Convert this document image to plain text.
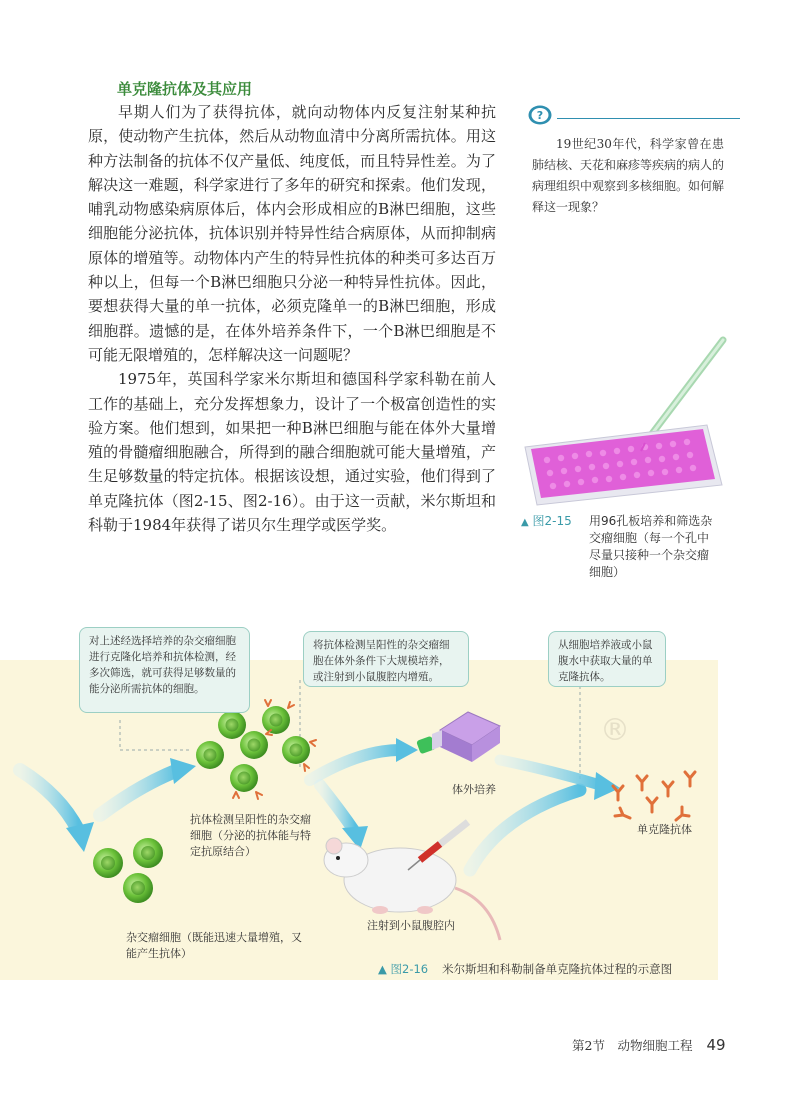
单克隆抗体及其应用

早期人们为了获得抗体，就向动物体内反复注射某种抗原，使动物产生抗体，然后从动物血清中分离所需抗体。用这种方法制备的抗体不仅产量低、纯度低，而且特异性差。为了解决这一难题，科学家进行了多年的研究和探索。他们发现，哺乳动物感染病原体后，体内会形成相应的B淋巴细胞，这些细胞能分泌抗体，抗体识别并特异性结合病原体，从而抑制病原体的增殖等。动物体内产生的特异性抗体的种类可多达百万种以上，但每一个B淋巴细胞只分泌一种特异性抗体。因此，要想获得大量的单一抗体，必须克隆单一的B淋巴细胞，形成细胞群。遗憾的是，在体外培养条件下，一个B淋巴细胞是不可能无限增殖的，怎样解决这一问题呢？

1975年，英国科学家米尔斯坦和德国科学家科勒在前人工作的基础上，充分发挥想象力，设计了一个极富创造性的实验方案。他们想到，如果把一种B淋巴细胞与能在体外大量增殖的骨髓瘤细胞融合，所得到的融合细胞就可能大量增殖，产生足够数量的特定抗体。根据该设想，通过实验，他们得到了单克隆抗体（图2-15、图2-16）。由于这一贡献，米尔斯坦和科勒于1984年获得了诺贝尔生理学或医学奖。

?
19世纪30年代，科学家曾在患肺结核、天花和麻疹等疾病的病人的病理组织中观察到多核细胞。如何解释这一现象？
▲ 图2-15 用96孔板培养和筛选杂交瘤细胞（每一个孔中尽量只接种一个杂交瘤细胞）
®
对上述经选择培养的杂交瘤细胞进行克隆化培养和抗体检测，经多次筛选，就可获得足够数量的能分泌所需抗体的细胞。
将抗体检测呈阳性的杂交瘤细胞在体外条件下大规模培养，或注射到小鼠腹腔内增殖。
从细胞培养液或小鼠腹水中获取大量的单克隆抗体。
抗体检测呈阳性的杂交瘤细胞（分泌的抗体能与特定抗原结合）
体外培养
单克隆抗体
杂交瘤细胞（既能迅速大量增殖，又能产生抗体）
注射到小鼠腹腔内
▲ 图2-16 米尔斯坦和科勒制备单克隆抗体过程的示意图
第2节　动物细胞工程 49
